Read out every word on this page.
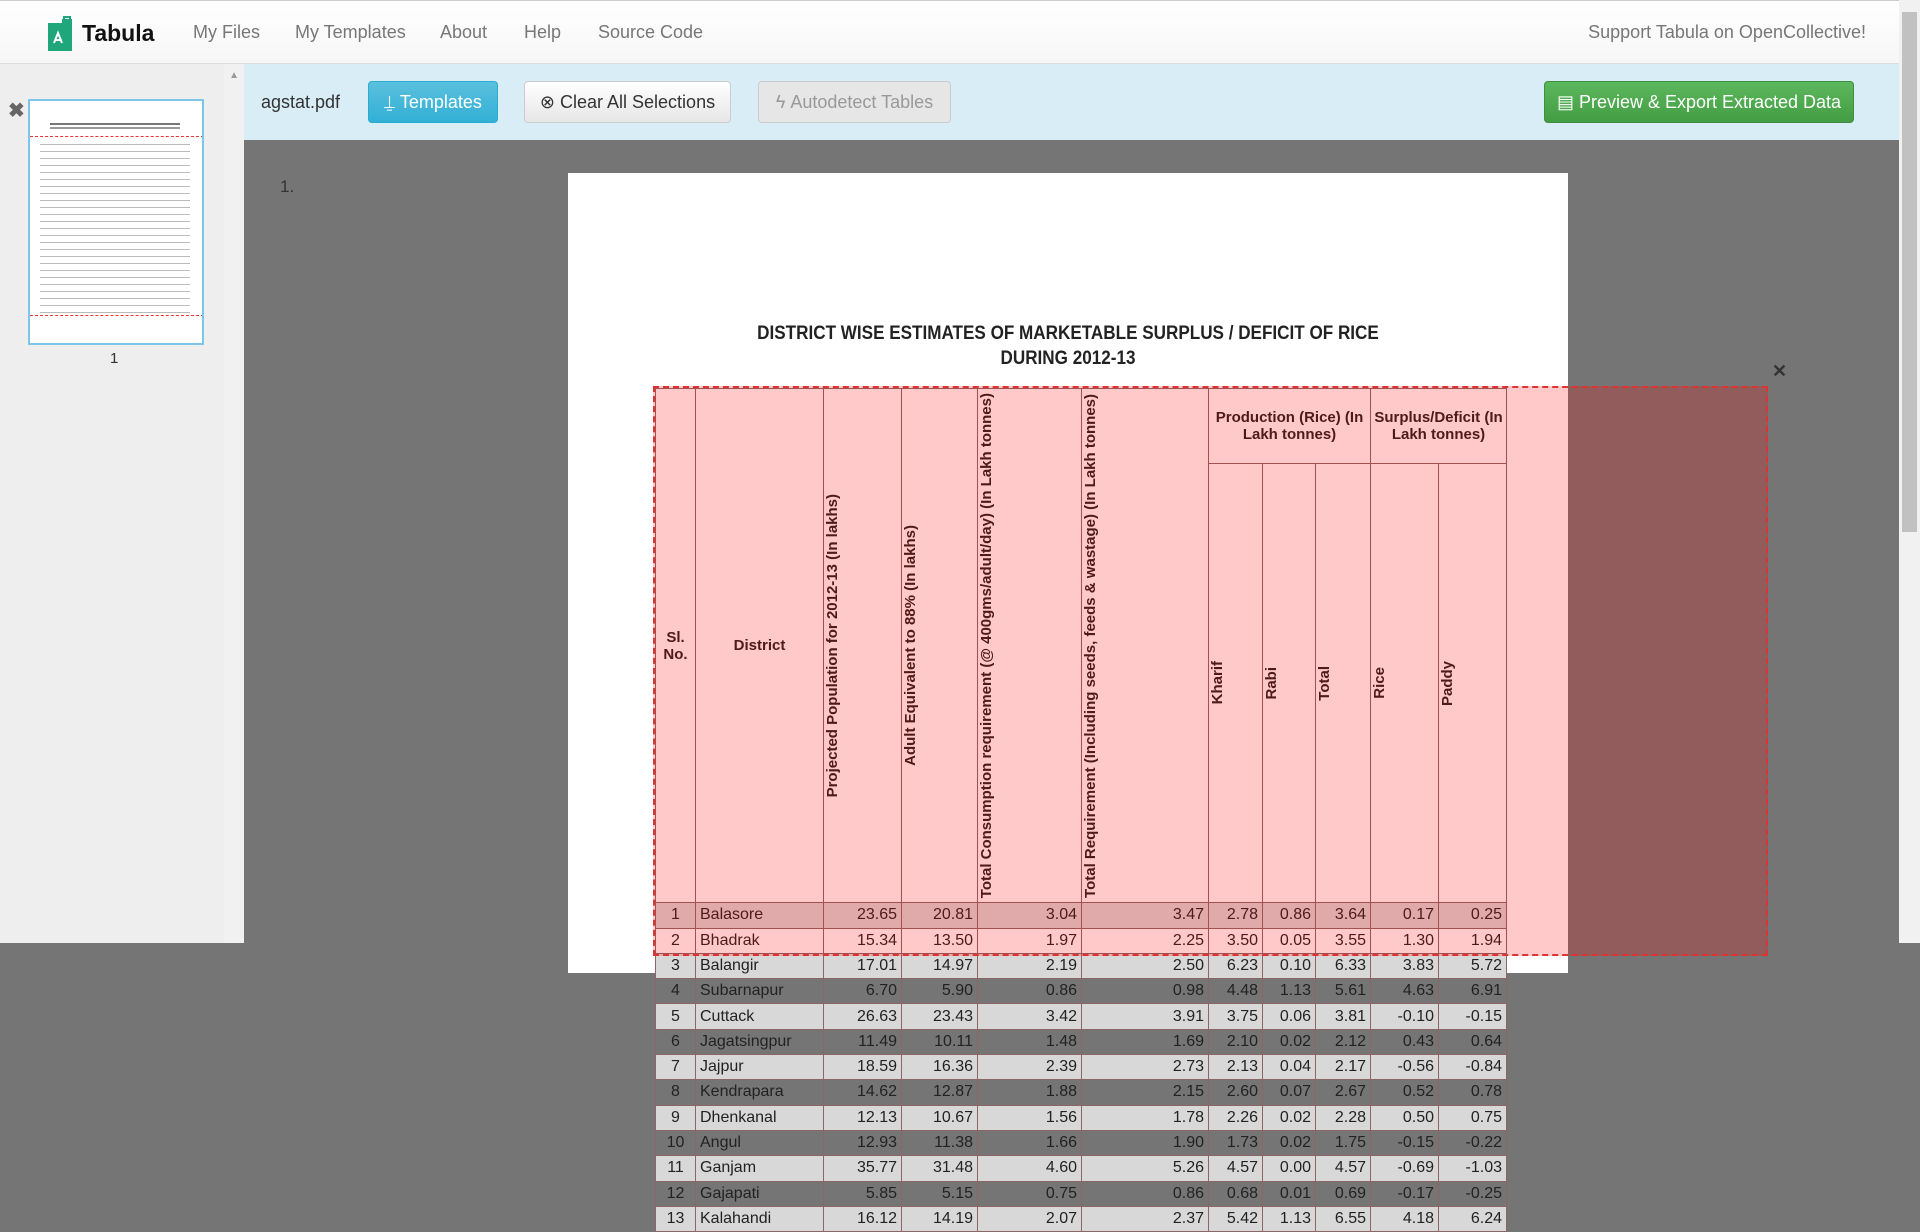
Tabula My Files My Templates About Help Source Code	Support Tabula on OpenCollective!
▲
✖
1
agstat.pdf ⍊ Templates	⊗ Clear All Selections	ϟ Autodetect Tables	▤ Preview & Export Extracted Data
1.
DISTRICT WISE ESTIMATES OF MARKETABLE SURPLUS / DEFICIT OF RICE
DURING 2012-13
Sl. No.	District	Projected Population for 2012-13 (In lakhs)	Adult Equivalent to 88% (In lakhs)	Total Consumption requirement (@ 400gms/adult/day) (In Lakh tonnes)	Total Requirement (Including seeds, feeds & wastage) (In Lakh tonnes)	Production (Rice) (In Lakh tonnes)			Surplus/Deficit (In Lakh tonnes)	

						Kharif	Rabi	Total	Rice	Paddy

1	Balasore	23.65	20.81	3.04	3.47	2.78	0.86	3.64	0.17	0.25
2	Bhadrak	15.34	13.50	1.97	2.25	3.50	0.05	3.55	1.30	1.94
3	Balangir	17.01	14.97	2.19	2.50	6.23	0.10	6.33	3.83	5.72
4	Subarnapur	6.70	5.90	0.86	0.98	4.48	1.13	5.61	4.63	6.91
5	Cuttack	26.63	23.43	3.42	3.91	3.75	0.06	3.81	-0.10	-0.15
6	Jagatsingpur	11.49	10.11	1.48	1.69	2.10	0.02	2.12	0.43	0.64
7	Jajpur	18.59	16.36	2.39	2.73	2.13	0.04	2.17	-0.56	-0.84
8	Kendrapara	14.62	12.87	1.88	2.15	2.60	0.07	2.67	0.52	0.78
9	Dhenkanal	12.13	10.67	1.56	1.78	2.26	0.02	2.28	0.50	0.75
10	Angul	12.93	11.38	1.66	1.90	1.73	0.02	1.75	-0.15	-0.22
11	Ganjam	35.77	31.48	4.60	5.26	4.57	0.00	4.57	-0.69	-1.03
12	Gajapati	5.85	5.15	0.75	0.86	0.68	0.01	0.69	-0.17	-0.25
13	Kalahandi	16.12	14.19	2.07	2.37	5.42	1.13	6.55	4.18	6.24
✕
